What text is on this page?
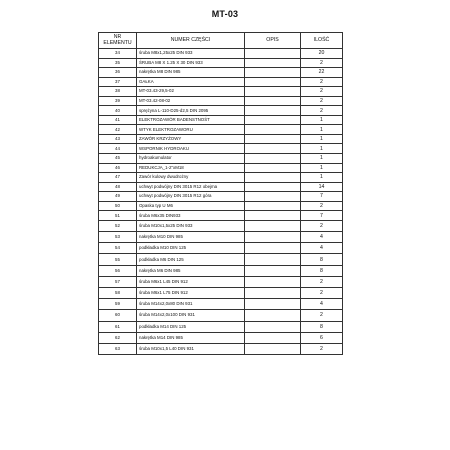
MT-03
NR
ELEMENTU	NUMER CZĘŚCI	OPIS	ILOŚĆ
34	śruba M8x1,25x25 DIN 933		20
35	ŚRUBA M8 X 1.25 X 30 DIN 933		2
36	nakrętka M8 DIN 985		22
37	GAŁKA		2
38	MT-03.43-29,5-02		2
39	MT-03.42-08-02		2
40	sprężyna L-110-D25-d2,5 DIN 2095		2
41	ELEKTROZAWÓR BADENSTNOŚT		1
42	WTYK ELEKTROZAWORU		1
43	ZAWÓR KRZYŻOWY		1
44	WSPORNIK HYDROAKU		1
45	hydroakumulator		1
46	REDUKCJA_1-2"xM18		1
47	Zawór kulowy dwudrożny		1
48	uchwyt podwójny DIN 3015 R12 obejma		14
49	uchwyt podwójny DIN 3015 R12 góra		7
50	Opaska typ U M6		2
51	śruba M6x35 DIN933		7
52	śruba M10x1,5x25 DIN 933		2
53	nakrętka M10 DIN 985		4
54	podkładka M10 DIN 125		4
55	podkładka M6 DIN 125		8
56	nakrętka M6 DIN 985		8
57	śruba M6x1 L45 DIN 912		2
58	śruba M6x1 L75 DIN 912		2
59	śruba M14x2,0x80 DIN 931		4
60	śruba M14x2,0x100 DIN 931		2
61	podkładka M14 DIN 125		8
62	nakrętka M14 DIN 985		6
63	śruba M10x1,5 L40 DIN 931		2
